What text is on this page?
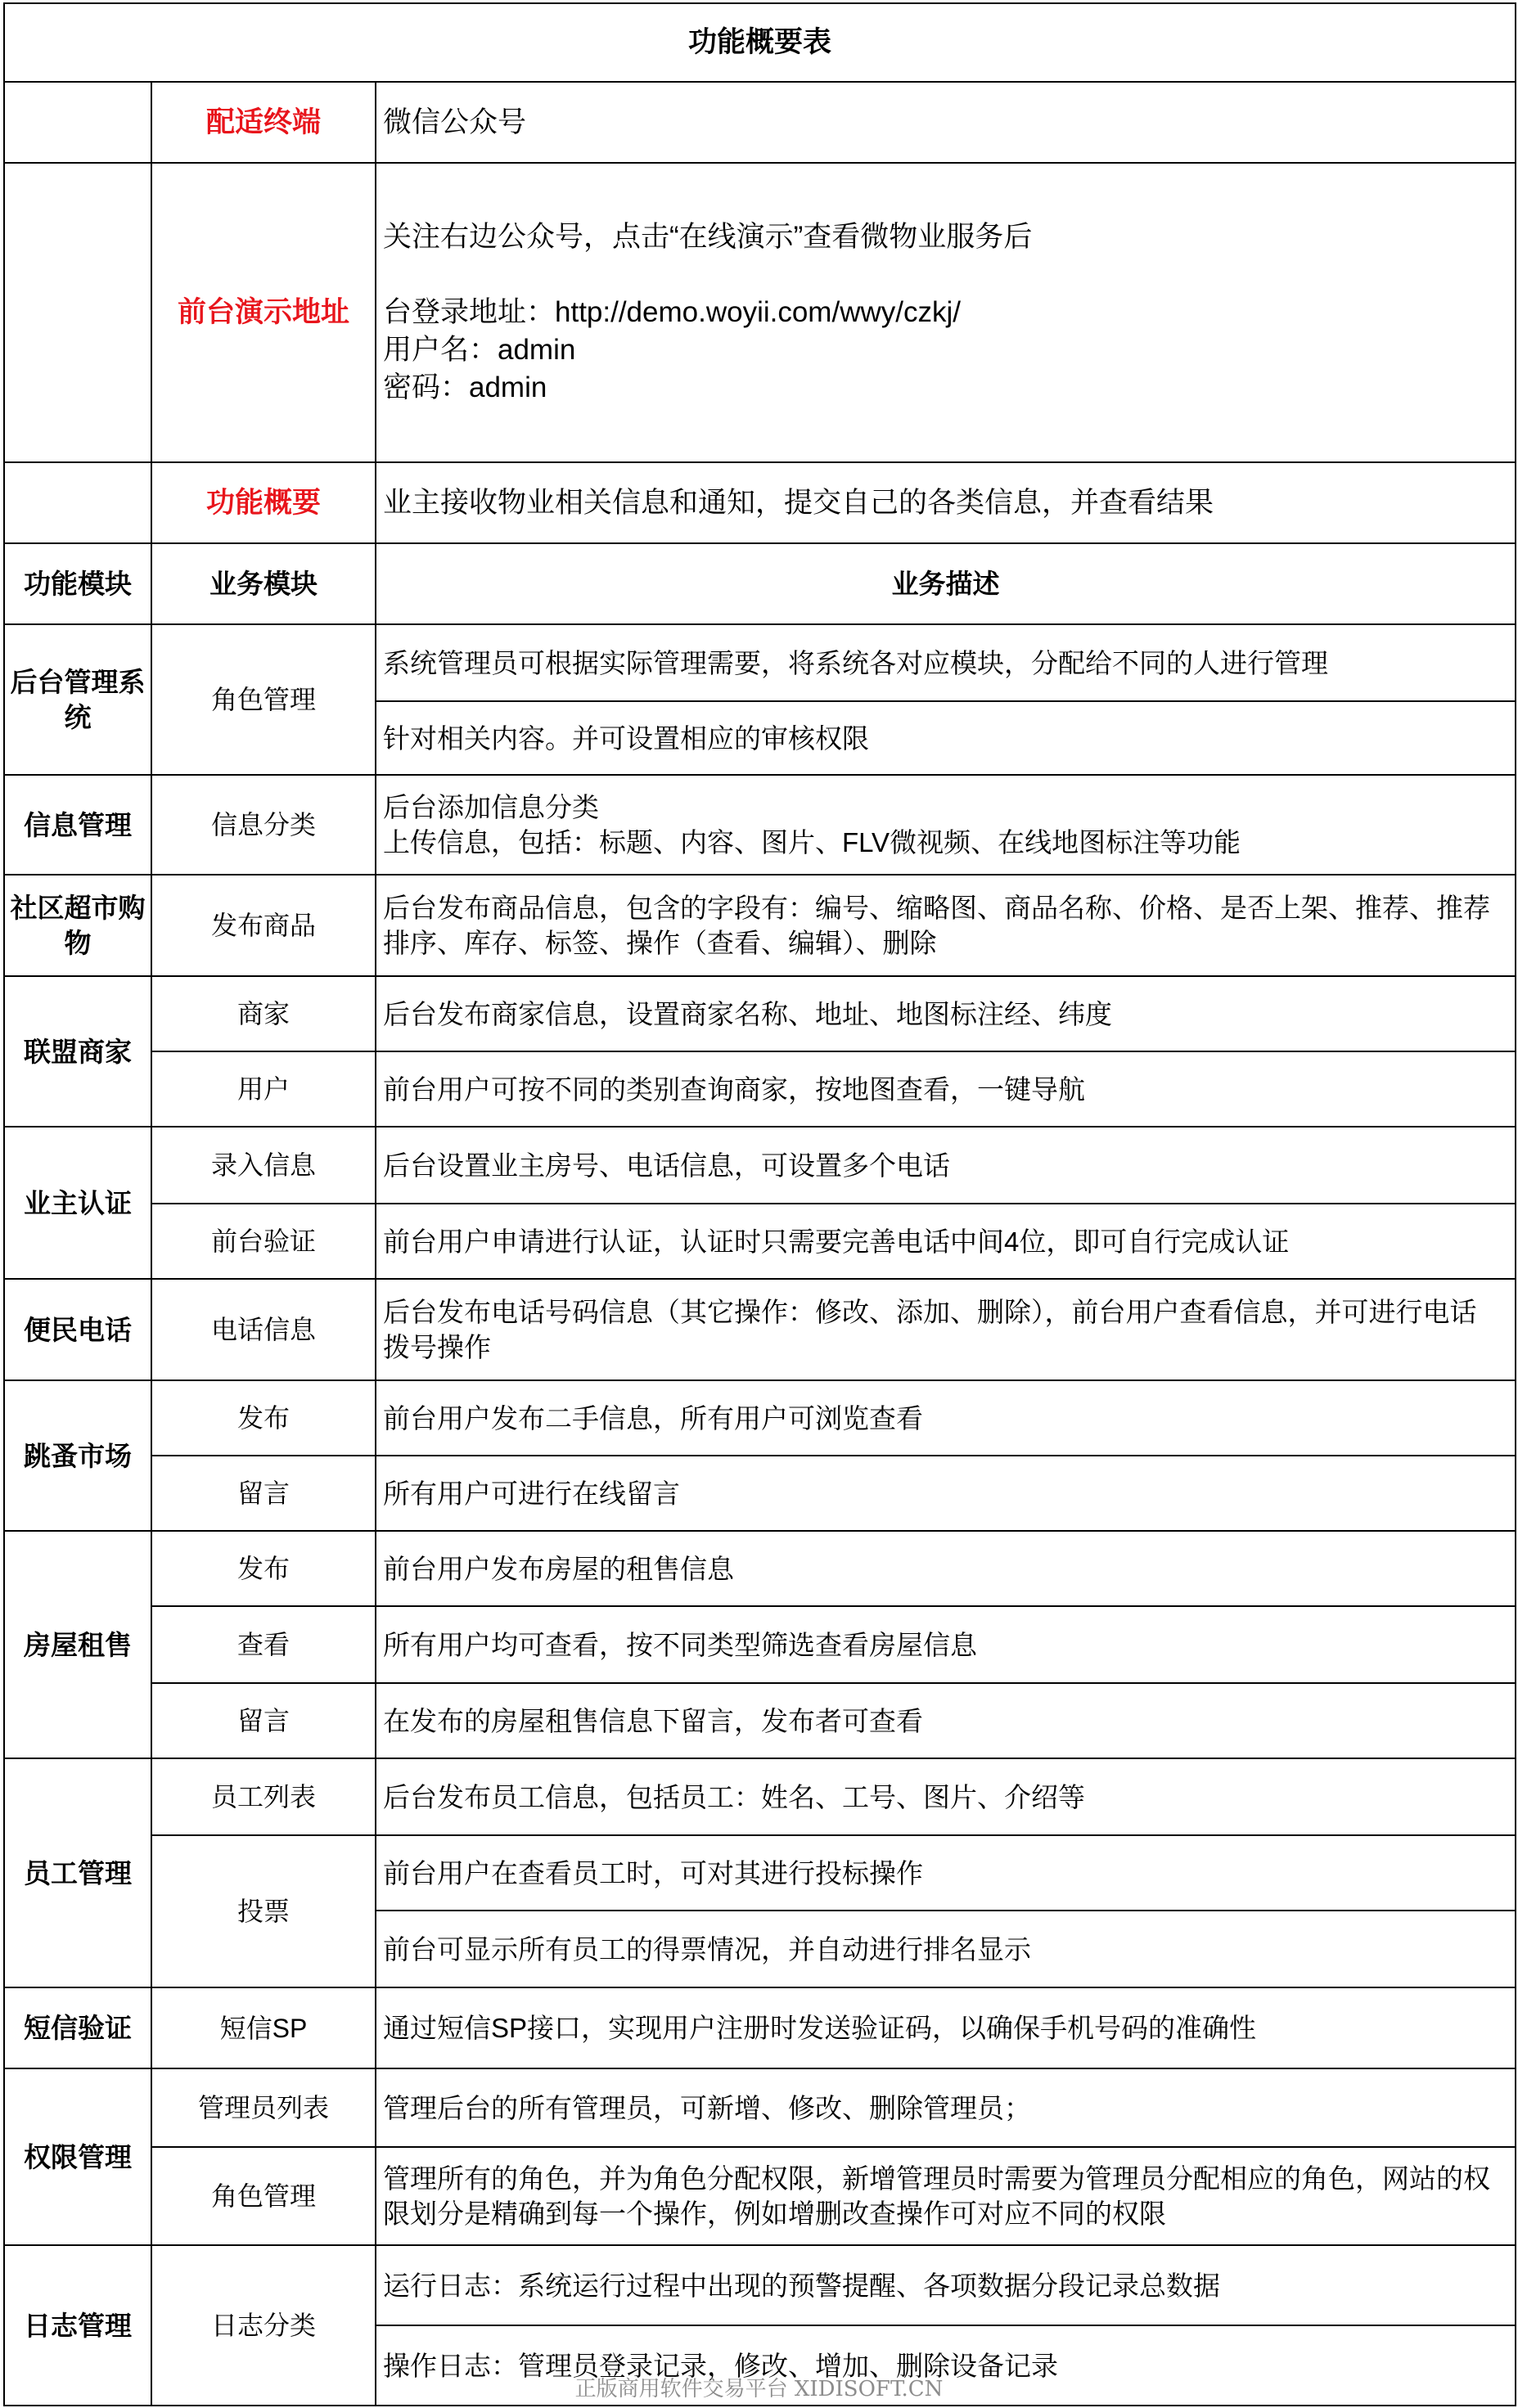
功能概要表		
	配适终端	微信公众号
	前台演示地址	关注右边公众号，点击“在线演示”查看微物业服务后
台登录地址：http://demo.woyii.com/wwy/czkj/
用户名：admin
密码：admin

	功能概要	业主接收物业相关信息和通知，提交自己的各类信息，并查看结果
功能模块	业务模块	业务描述
后台管理系统	角色管理	系统管理员可根据实际管理需要，将系统各对应模块，分配给不同的人进行管理

		针对相关内容。并可设置相应的审核权限

信息管理	信息分类	后台添加信息分类
上传信息，包括：标题、内容、图片、FLV微视频、在线地图标注等功能

社区超市购物	发布商品	后台发布商品信息，包含的字段有：编号、缩略图、商品名称、价格、是否上架、推荐、推荐
排序、库存、标签、操作（查看、编辑）、删除

联盟商家	商家	后台发布商家信息，设置商家名称、地址、地图标注经、纬度

	用户	前台用户可按不同的类别查询商家，按地图查看，一键导航

业主认证	录入信息	后台设置业主房号、电话信息，可设置多个电话

	前台验证	前台用户申请进行认证，认证时只需要完善电话中间4位，即可自行完成认证

便民电话	电话信息	后台发布电话号码信息（其它操作：修改、添加、删除），前台用户查看信息，并可进行电话
拨号操作

跳蚤市场	发布	前台用户发布二手信息，所有用户可浏览查看

	留言	所有用户可进行在线留言

房屋租售	发布	前台用户发布房屋的租售信息

	查看	所有用户均可查看，按不同类型筛选查看房屋信息

	留言	在发布的房屋租售信息下留言，发布者可查看

员工管理	员工列表	后台发布员工信息，包括员工：姓名、工号、图片、介绍等

	投票	前台用户在查看员工时，可对其进行投标操作

		前台可显示所有员工的得票情况，并自动进行排名显示

短信验证	短信SP	通过短信SP接口，实现用户注册时发送验证码，以确保手机号码的准确性

权限管理	管理员列表	管理后台的所有管理员，可新增、修改、删除管理员；

	角色管理	管理所有的角色，并为角色分配权限，新增管理员时需要为管理员分配相应的角色，网站的权
限划分是精确到每一个操作，例如增删改查操作可对应不同的权限

日志管理	日志分类	运行日志：系统运行过程中出现的预警提醒、各项数据分段记录总数据

		操作日志：管理员登录记录，修改、增加、删除设备记录
正版商用软件交易平台 XIDISOFT.CN
